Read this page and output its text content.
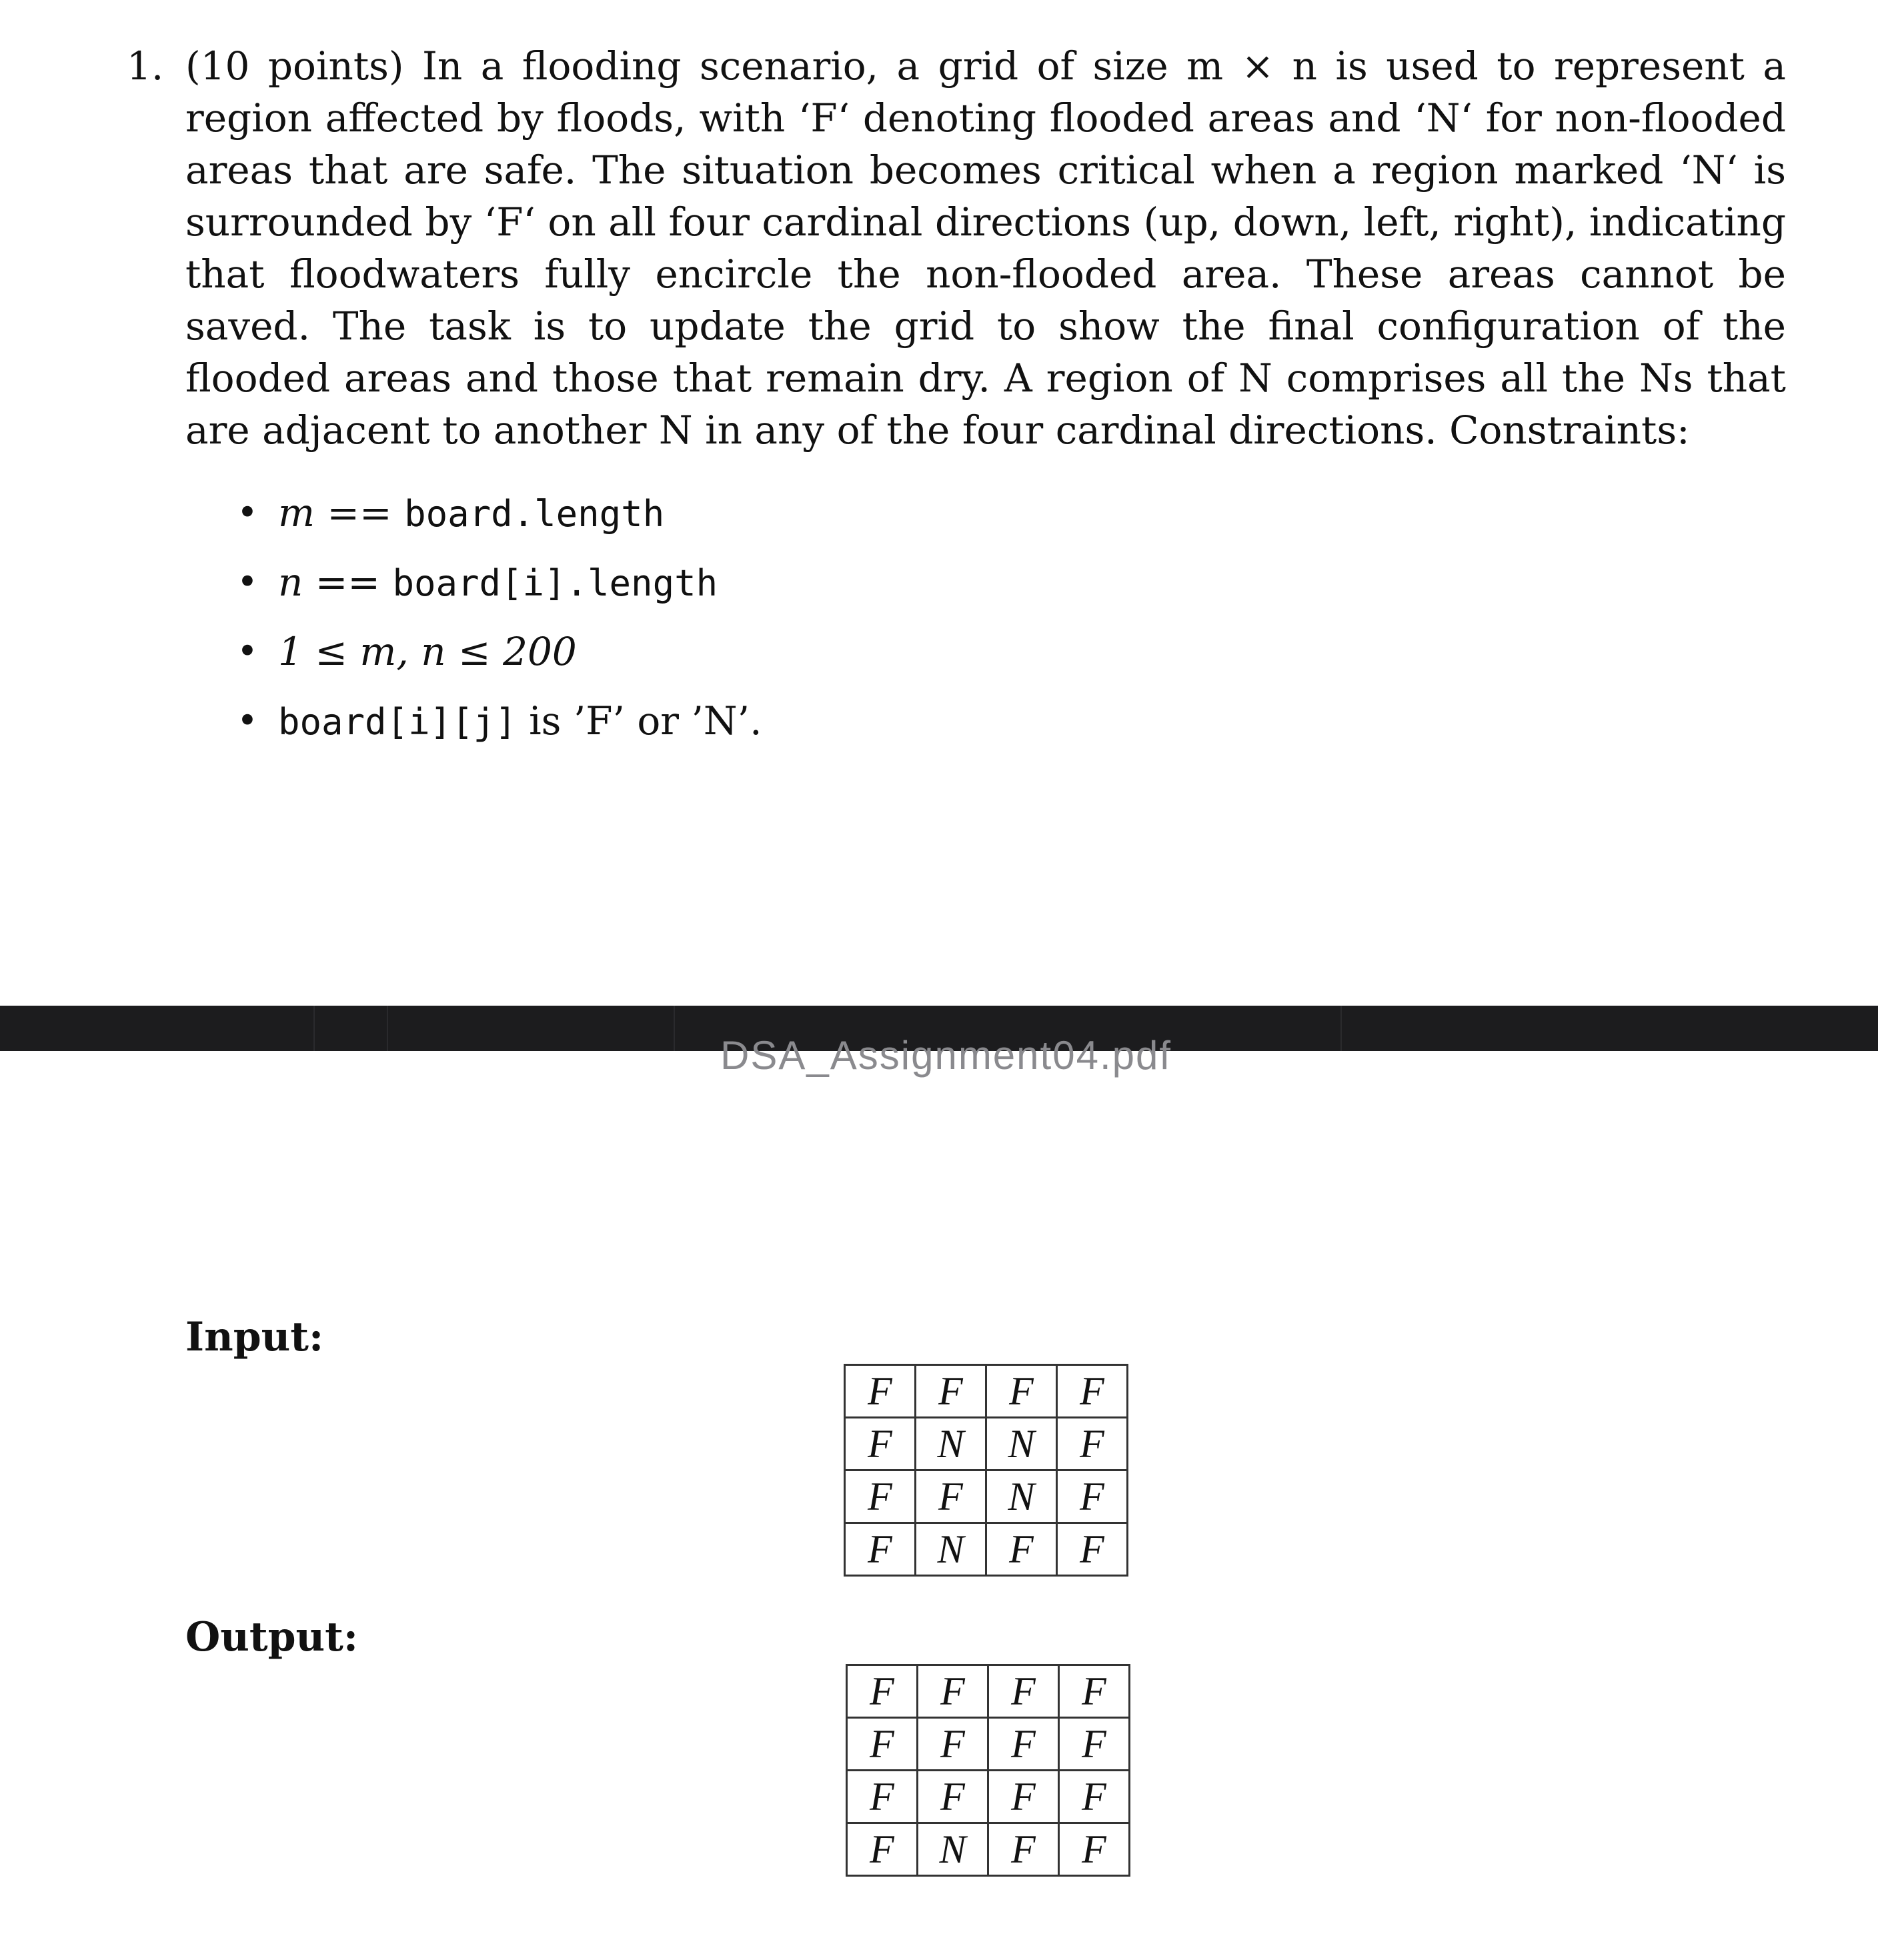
1. (10 points) In a flooding scenario, a grid of size m × n is used to represent a region affected by floods, with ‘F‘ denoting flooded areas and ‘N‘ for non-flooded areas that are safe. The situation becomes critical when a region marked ‘N‘ is surrounded by ‘F‘ on all four cardinal directions (up, down, left, right), indicating that floodwaters fully encircle the non-flooded area. These areas cannot be saved. The task is to update the grid to show the final configuration of the flooded areas and those that remain dry. A region of N comprises all the Ns that are adjacent to another N in any of the four cardinal directions. Constraints:
• m == board.length
• n == board[i].length
• 1 ≤ m, n ≤ 200
• board[i][j] is ’F’ or ’N’.
DSA_Assignment04.pdf
Input:
F	F	F	F
F	N	N	F
F	F	N	F
F	N	F	F
Output:
F	F	F	F
F	F	F	F
F	F	F	F
F	N	F	F
